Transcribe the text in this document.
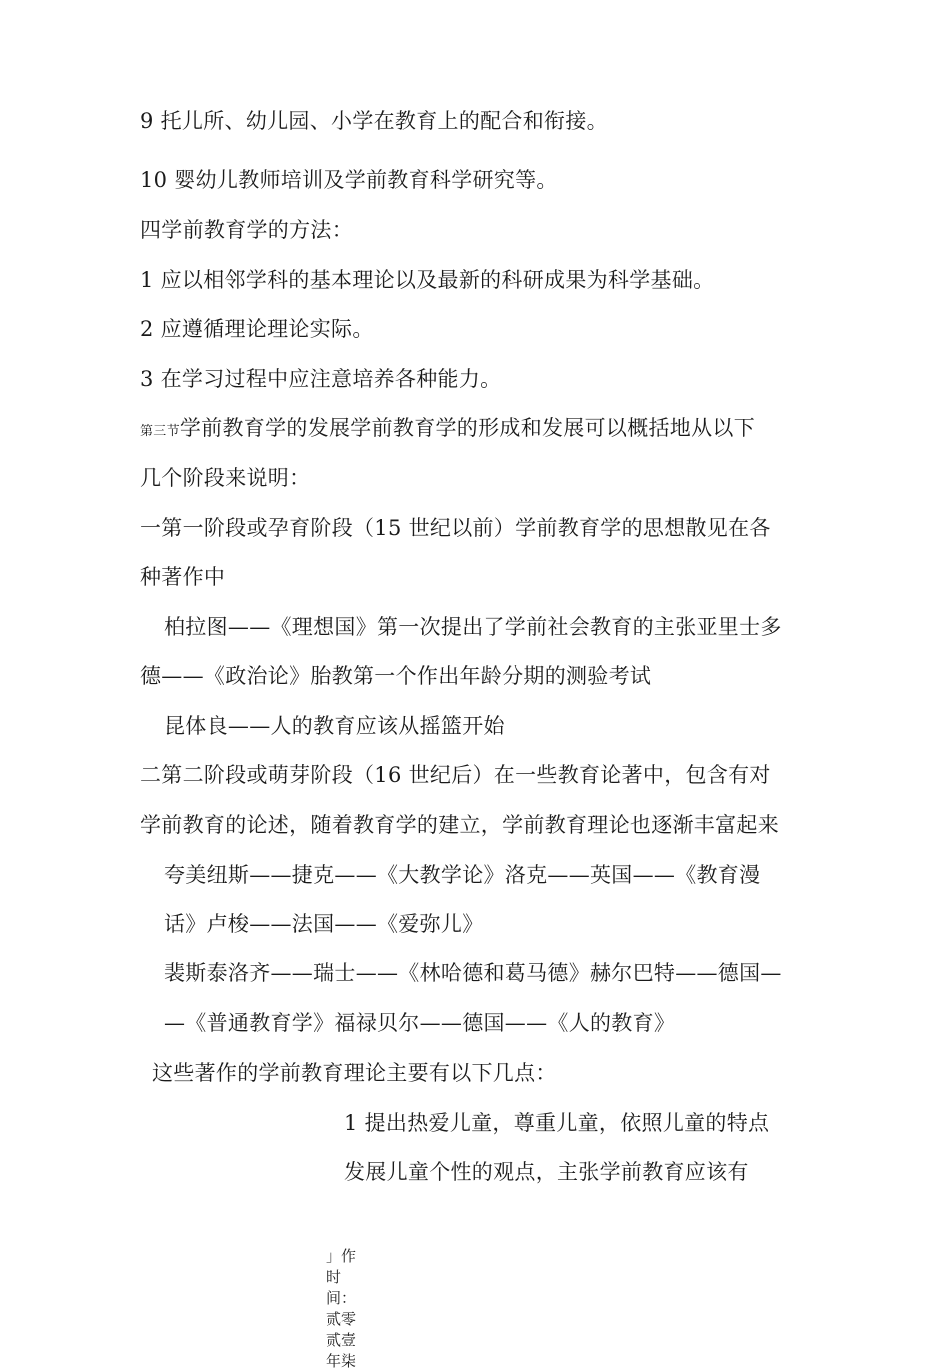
9 托儿所、幼儿园、小学在教育上的配合和衔接。
10 婴幼儿教师培训及学前教育科学研究等。
四学前教育学的方法：
1 应以相邻学科的基本理论以及最新的科研成果为科学基础。
2 应遵循理论理论实际。
3 在学习过程中应注意培养各种能力。
第三节学前教育学的发展学前教育学的形成和发展可以概括地从以下
几个阶段来说明：
一第一阶段或孕育阶段（15 世纪以前）学前教育学的思想散见在各
种著作中
柏拉图——《理想国》第一次提出了学前社会教育的主张亚里士多
德——《政治论》胎教第一个作出年龄分期的测验考试
昆体良——人的教育应该从摇篮开始
二第二阶段或萌芽阶段（16 世纪后）在一些教育论著中，包含有对
学前教育的论述，随着教育学的建立，学前教育理论也逐渐丰富起来
夸美纽斯——捷克——《大教学论》洛克——英国——《教育漫
话》卢梭——法国——《爱弥儿》
裴斯泰洛齐——瑞士——《林哈德和葛马德》赫尔巴特——德国—
—《普通教育学》福禄贝尔——德国——《人的教育》
这些著作的学前教育理论主要有以下几点：
1 提出热爱儿童，尊重儿童，依照儿童的特点
发展儿童个性的观点，主张学前教育应该有
」作时间：贰零贰壹年柒
